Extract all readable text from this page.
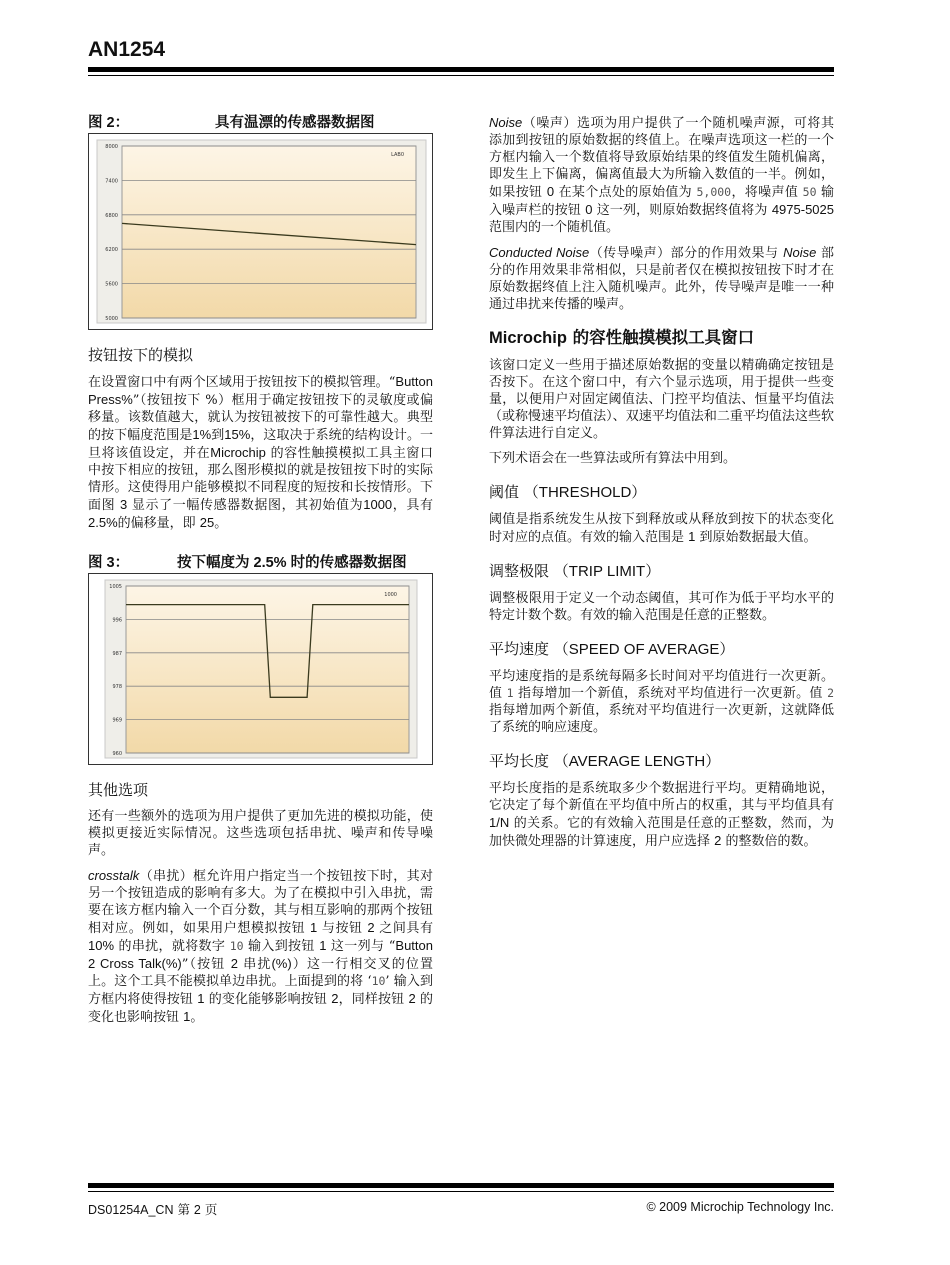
AN1254
图 2：	具有温漂的传感器数据图
8000
7400
6800
6200
5600
5000
LAB0
按钮按下的模拟

在设置窗口中有两个区域用于按钮按下的模拟管理。“Button Press%”（按钮按下 %）框用于确定按钮按下的灵敏度或偏移量。该数值越大，就认为按钮被按下的可靠性越大。典型的按下幅度范围是1%到15%，这取决于系统的结构设计。一旦将该值设定，并在Microchip 的容性触摸模拟工具主窗口中按下相应的按钮，那么图形模拟的就是按钮按下时的实际情形。这使得用户能够模拟不同程度的短按和长按情形。下面图 3 显示了一幅传感器数据图，其初始值为1000，具有2.5%的偏移量，即 25。

图 3：	按下幅度为 2.5% 时的传感器数据图
1005
996
987
978
969
960
1000
其他选项

还有一些额外的选项为用户提供了更加先进的模拟功能，使模拟更接近实际情况。这些选项包括串扰、噪声和传导噪声。

crosstalk（串扰）框允许用户指定当一个按钮按下时，其对另一个按钮造成的影响有多大。为了在模拟中引入串扰，需要在该方框内输入一个百分数，其与相互影响的那两个按钮相对应。例如，如果用户想模拟按钮 1 与按钮 2 之间具有 10% 的串扰，就将数字 10 输入到按钮 1 这一列与 “Button 2 Cross Talk(%)”（按钮 2 串扰(%)）这一行相交叉的位置上。这个工具不能模拟单边串扰。上面提到的将 ‘10’ 输入到方框内将使得按钮 1 的变化能够影响按钮 2，同样按钮 2 的变化也影响按钮 1。

Noise（噪声）选项为用户提供了一个随机噪声源，可将其添加到按钮的原始数据的终值上。在噪声选项这一栏的一个方框内输入一个数值将导致原始结果的终值发生随机偏离，即发生上下偏离，偏离值最大为所输入数值的一半。例如，如果按钮 0 在某个点处的原始值为 5,000，将噪声值 50 输入噪声栏的按钮 0 这一列，则原始数据终值将为 4975-5025 范围内的一个随机值。

Conducted Noise（传导噪声）部分的作用效果与 Noise 部分的作用效果非常相似，只是前者仅在模拟按钮按下时才在原始数据终值上注入随机噪声。此外，传导噪声是唯一一种通过串扰来传播的噪声。

Microchip 的容性触摸模拟工具窗口

该窗口定义一些用于描述原始数据的变量以精确确定按钮是否按下。在这个窗口中，有六个显示选项，用于提供一些变量，以便用户对固定阈值法、门控平均值法、恒量平均值法（或称慢速平均值法）、双速平均值法和二重平均值法这些软件算法进行自定义。

下列术语会在一些算法或所有算法中用到。

阈值 （THRESHOLD）

阈值是指系统发生从按下到释放或从释放到按下的状态变化时对应的点值。有效的输入范围是 1 到原始数据最大值。

调整极限 （TRIP LIMIT）

调整极限用于定义一个动态阈值，其可作为低于平均水平的特定计数个数。有效的输入范围是任意的正整数。

平均速度 （SPEED OF AVERAGE）

平均速度指的是系统每隔多长时间对平均值进行一次更新。值 1 指每增加一个新值，系统对平均值进行一次更新。值 2 指每增加两个新值，系统对平均值进行一次更新，这就降低了系统的响应速度。

平均长度 （AVERAGE LENGTH）

平均长度指的是系统取多少个数据进行平均。更精确地说，它决定了每个新值在平均值中所占的权重，其与平均值具有 1/N 的关系。它的有效输入范围是任意的正整数，然而，为加快微处理器的计算速度，用户应选择 2 的整数倍的数。

DS01254A_CN 第 2 页	© 2009 Microchip Technology Inc.
